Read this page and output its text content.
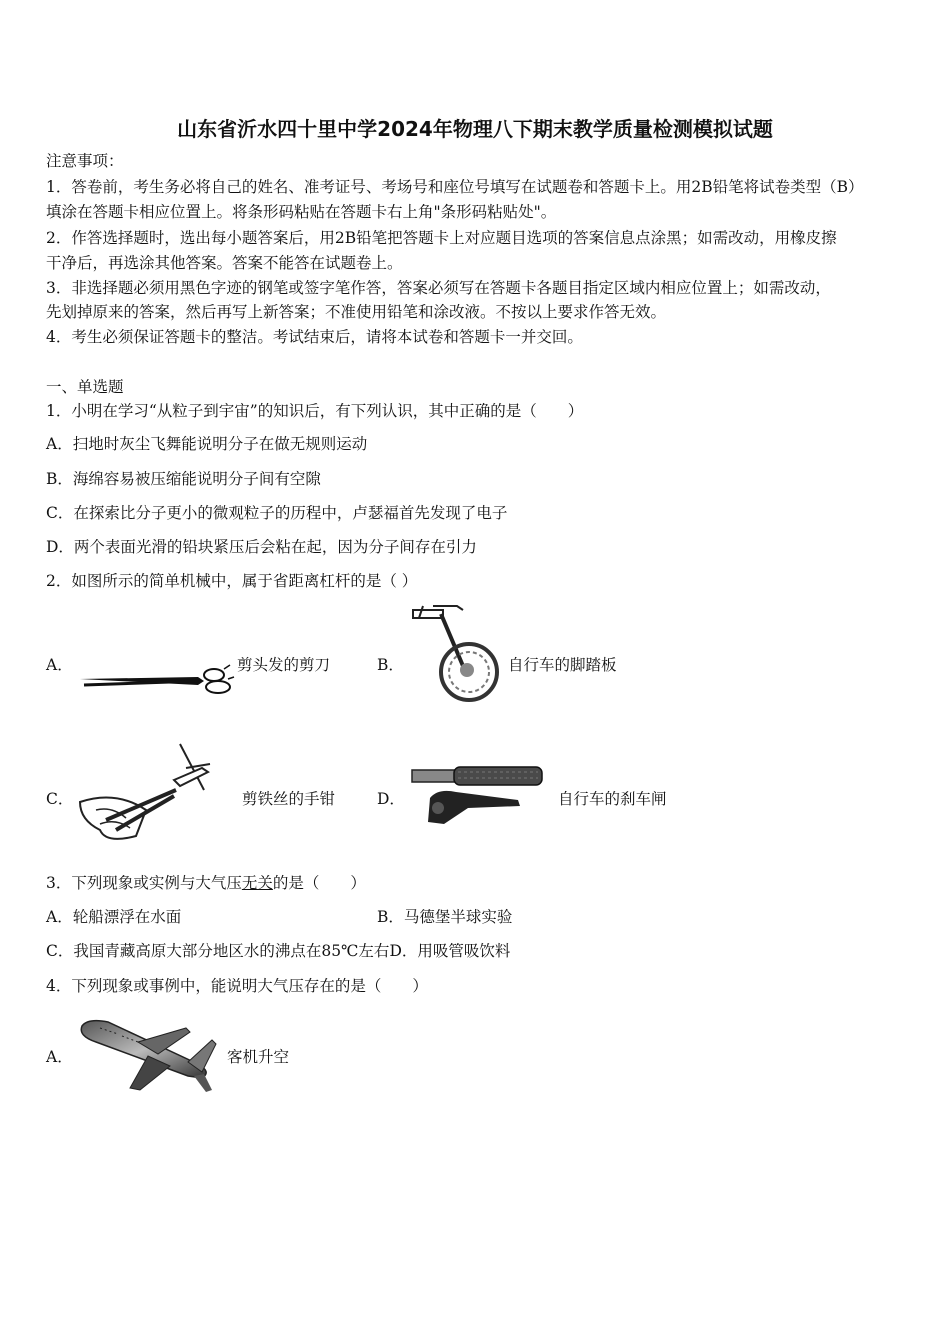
山东省沂水四十里中学2024年物理八下期末教学质量检测模拟试题
注意事项：
1．答卷前，考生务必将自己的姓名、准考证号、考场号和座位号填写在试题卷和答题卡上。用2B铅笔将试卷类型（B）
填涂在答题卡相应位置上。将条形码粘贴在答题卡右上角"条形码粘贴处"。
2．作答选择题时，选出每小题答案后，用2B铅笔把答题卡上对应题目选项的答案信息点涂黑；如需改动，用橡皮擦
干净后，再选涂其他答案。答案不能答在试题卷上。
3．非选择题必须用黑色字迹的钢笔或签字笔作答，答案必须写在答题卡各题目指定区域内相应位置上；如需改动，
先划掉原来的答案，然后再写上新答案；不准使用铅笔和涂改液。不按以上要求作答无效。
4．考生必须保证答题卡的整洁。考试结束后，请将本试卷和答题卡一并交回。
一、单选题
1．小明在学习“从粒子到宇宙”的知识后，有下列认识，其中正确的是（　　）
A．扫地时灰尘飞舞能说明分子在做无规则运动
B．海绵容易被压缩能说明分子间有空隙
C．在探索比分子更小的微观粒子的历程中，卢瑟福首先发现了电子
D．两个表面光滑的铅块紧压后会粘在起，因为分子间存在引力
2．如图所示的简单机械中，属于省距离杠杆的是（ ）
A．	剪头发的剪刀	B．	自行车的脚踏板
C．	剪铁丝的手钳	D．	自行车的刹车闸
3．下列现象或实例与大气压无关的是（　　）
A．轮船漂浮在水面	B．马德堡半球实验
C．我国青藏高原大部分地区水的沸点在85℃左右D．用吸管吸饮料
4．下列现象或事例中，能说明大气压存在的是（　　）
A．	客机升空
